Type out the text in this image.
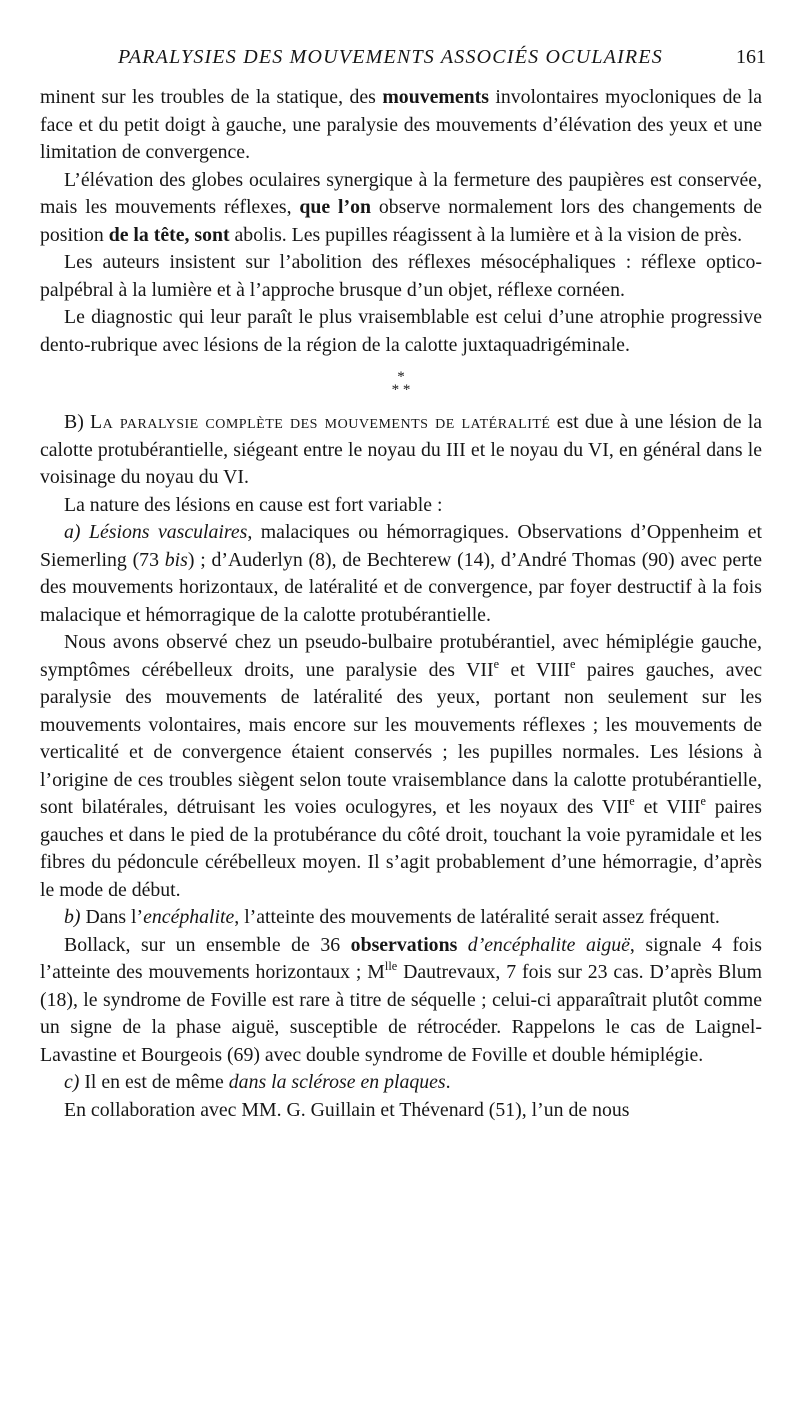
PARALYSIES DES MOUVEMENTS ASSOCIÉS OCULAIRES	161

minent sur les troubles de la statique, des mouvements involontaires myocloniques de la face et du petit doigt à gauche, une paralysie des mouvements d’élévation des yeux et une limitation de convergence.

L’élévation des globes oculaires synergique à la fermeture des paupières est conservée, mais les mouvements réflexes, que l’on observe normalement lors des changements de position de la tête, sont abolis. Les pupilles réagissent à la lumière et à la vision de près.

Les auteurs insistent sur l’abolition des réflexes mésocéphaliques : réflexe optico-palpébral à la lumière et à l’approche brusque d’un objet, réflexe cornéen.

Le diagnostic qui leur paraît le plus vraisemblable est celui d’une atrophie progressive dento-rubrique avec lésions de la région de la calotte juxtaquadrigéminale.

*
* *

B) La paralysie complète des mouvements de latéralité est due à une lésion de la calotte protubérantielle, siégeant entre le noyau du III et le noyau du VI, en général dans le voisinage du noyau du VI.

La nature des lésions en cause est fort variable :

a) Lésions vasculaires, malaciques ou hémorragiques. Observations d’Oppenheim et Siemerling (73 bis) ; d’Auderlyn (8), de Bechterew (14), d’André Thomas (90) avec perte des mouvements horizontaux, de latéralité et de convergence, par foyer destructif à la fois malacique et hémorragique de la calotte protubérantielle.

Nous avons observé chez un pseudo-bulbaire protubérantiel, avec hémiplégie gauche, symptômes cérébelleux droits, une paralysie des VIIe et VIIIe paires gauches, avec paralysie des mouvements de latéralité des yeux, portant non seulement sur les mouvements volontaires, mais encore sur les mouvements réflexes ; les mouvements de verticalité et de convergence étaient conservés ; les pupilles normales. Les lésions à l’origine de ces troubles siègent selon toute vraisemblance dans la calotte protubérantielle, sont bilatérales, détruisant les voies oculogyres, et les noyaux des VIIe et VIIIe paires gauches et dans le pied de la protubérance du côté droit, touchant la voie pyramidale et les fibres du pédoncule cérébelleux moyen. Il s’agit probablement d’une hémorragie, d’après le mode de début.

b) Dans l’encéphalite, l’atteinte des mouvements de latéralité serait assez fréquent.

Bollack, sur un ensemble de 36 observations d’encéphalite aiguë, signale 4 fois l’atteinte des mouvements horizontaux ; $M^{lle}$ Dautrevaux, 7 fois sur 23 cas. D’après Blum (18), le syndrome de Foville est rare à titre de séquelle ; celui-ci apparaîtrait plutôt comme un signe de la phase aiguë, susceptible de rétrocéder. Rappelons le cas de Laignel-Lavastine et Bourgeois (69) avec double syndrome de Foville et double hémiplégie.

c) Il en est de même dans la sclérose en plaques.

En collaboration avec MM. G. Guillain et Thévenard (51), l’un de nous
